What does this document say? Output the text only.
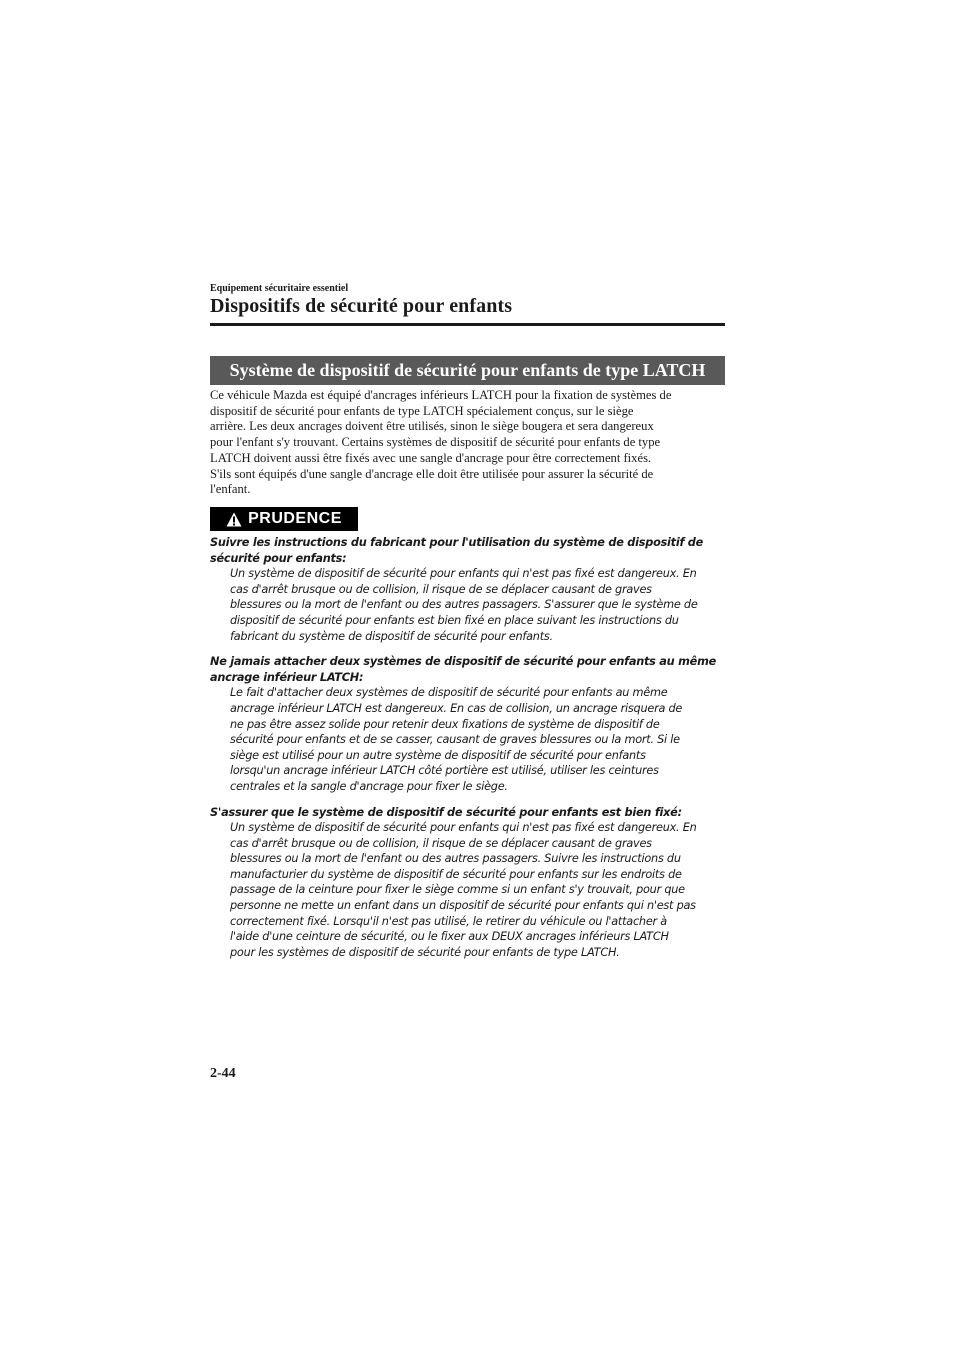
Equipement sécuritaire essentiel
Dispositifs de sécurité pour enfants
Système de dispositif de sécurité pour enfants de type LATCH

Ce véhicule Mazda est équipé d'ancrages inférieurs LATCH pour la fixation de systèmes de

dispositif de sécurité pour enfants de type LATCH spécialement conçus, sur le siège

arrière. Les deux ancrages doivent être utilisés, sinon le siège bougera et sera dangereux

pour l'enfant s'y trouvant. Certains systèmes de dispositif de sécurité pour enfants de type

LATCH doivent aussi être fixés avec une sangle d'ancrage pour être correctement fixés.

S'ils sont équipés d'une sangle d'ancrage elle doit être utilisée pour assurer la sécurité de

l'enfant.

PRUDENCE
Suivre les instructions du fabricant pour l'utilisation du système de dispositif de
sécurité pour enfants:
Un système de dispositif de sécurité pour enfants qui n'est pas fixé est dangereux. En
cas d'arrêt brusque ou de collision, il risque de se déplacer causant de graves
blessures ou la mort de l'enfant ou des autres passagers. S'assurer que le système de
dispositif de sécurité pour enfants est bien fixé en place suivant les instructions du
fabricant du système de dispositif de sécurité pour enfants.
Ne jamais attacher deux systèmes de dispositif de sécurité pour enfants au même
ancrage inférieur LATCH:
Le fait d'attacher deux systèmes de dispositif de sécurité pour enfants au même
ancrage inférieur LATCH est dangereux. En cas de collision, un ancrage risquera de
ne pas être assez solide pour retenir deux fixations de système de dispositif de
sécurité pour enfants et de se casser, causant de graves blessures ou la mort. Si le
siège est utilisé pour un autre système de dispositif de sécurité pour enfants
lorsqu'un ancrage inférieur LATCH côté portière est utilisé, utiliser les ceintures
centrales et la sangle d'ancrage pour fixer le siège.
S'assurer que le système de dispositif de sécurité pour enfants est bien fixé:
Un système de dispositif de sécurité pour enfants qui n'est pas fixé est dangereux. En
cas d'arrêt brusque ou de collision, il risque de se déplacer causant de graves
blessures ou la mort de l'enfant ou des autres passagers. Suivre les instructions du
manufacturier du système de dispositif de sécurité pour enfants sur les endroits de
passage de la ceinture pour fixer le siège comme si un enfant s'y trouvait, pour que
personne ne mette un enfant dans un dispositif de sécurité pour enfants qui n'est pas
correctement fixé. Lorsqu'il n'est pas utilisé, le retirer du véhicule ou l'attacher à
l'aide d'une ceinture de sécurité, ou le fixer aux DEUX ancrages inférieurs LATCH
pour les systèmes de dispositif de sécurité pour enfants de type LATCH.
2-44
